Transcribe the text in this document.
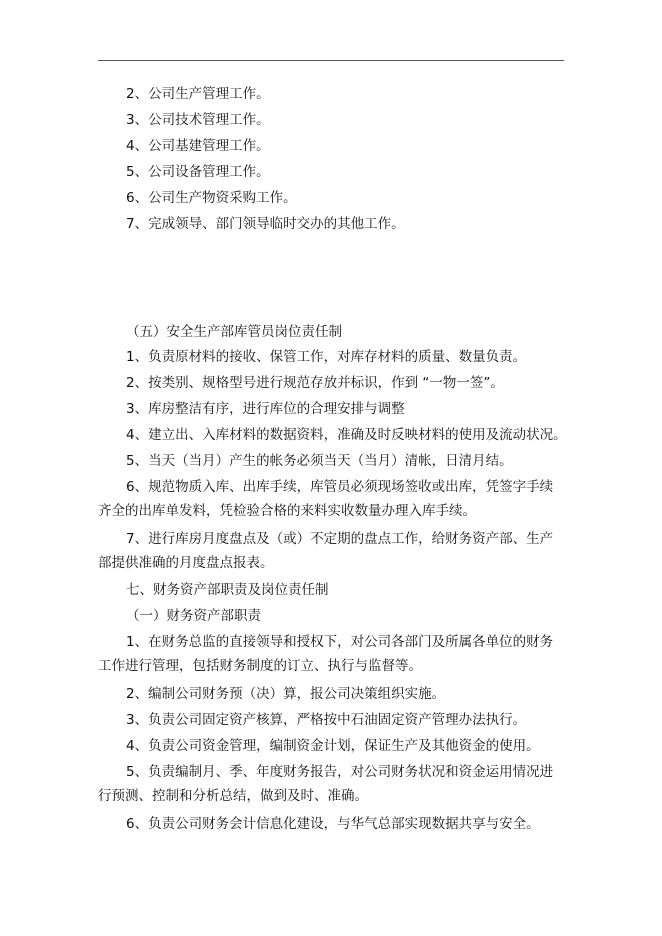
2、公司生产管理工作。
3、公司技术管理工作。
4、公司基建管理工作。
5、公司设备管理工作。
6、公司生产物资采购工作。
7、完成领导、部门领导临时交办的其他工作。
（五）安全生产部库管员岗位责任制
1、负责原材料的接收、保管工作，对库存材料的质量、数量负责。
2、按类别、规格型号进行规范存放并标识，作到 “一物一签”。
3、库房整洁有序，进行库位的合理安排与调整
4、建立出、入库材料的数据资料，准确及时反映材料的使用及流动状况。
5、当天（当月）产生的帐务必须当天（当月）清帐，日清月结。
6、规范物质入库、出库手续，库管员必须现场签收或出库，凭签字手续齐全的出库单发料，凭检验合格的来料实收数量办理入库手续。
7、进行库房月度盘点及（或）不定期的盘点工作，给财务资产部、生产部提供准确的月度盘点报表。
七、财务资产部职责及岗位责任制
（一）财务资产部职责
1、在财务总监的直接领导和授权下，对公司各部门及所属各单位的财务工作进行管理，包括财务制度的订立、执行与监督等。
2、编制公司财务预（决）算，报公司决策组织实施。
3、负责公司固定资产核算，严格按中石油固定资产管理办法执行。
4、负责公司资金管理，编制资金计划，保证生产及其他资金的使用。
5、负责编制月、季、年度财务报告，对公司财务状况和资金运用情况进行预测、控制和分析总结，做到及时、准确。
6、负责公司财务会计信息化建设，与华气总部实现数据共享与安全。
